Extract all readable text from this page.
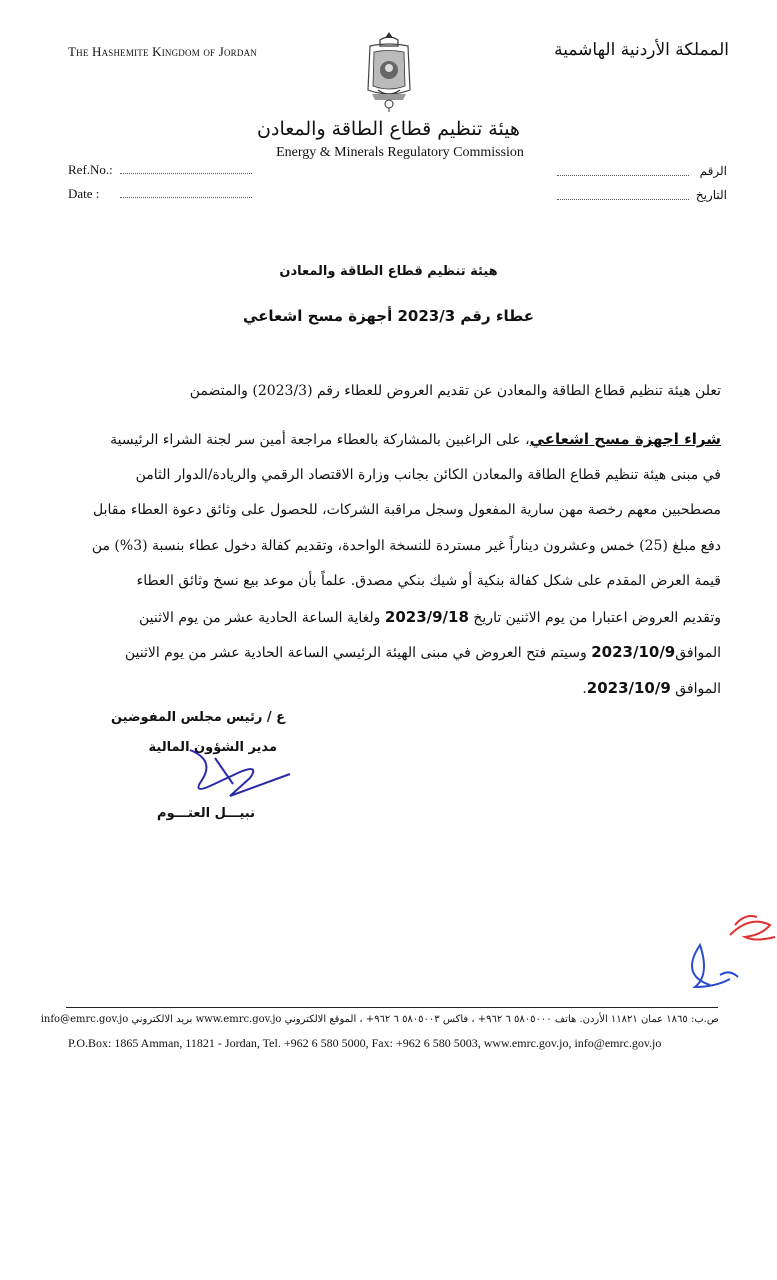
The Hashemite Kingdom of Jordan	المملكة الأردنية الهاشمية
هيئة تنظيم قطاع الطاقة والمعادن
Energy & Minerals Regulatory Commission
Ref.No.:
Date :
الرقم
التاريخ
هيئة تنظيم قطاع الطاقة والمعادن
عطاء رقم 2023/3 أجهزة مسح اشعاعي
تعلن هيئة تنظيم قطاع الطاقة والمعادن عن تقديم العروض للعطاء رقم (2023/3) والمتضمن
شراء اجهزة مسح اشعاعي، على الراغبين بالمشاركة بالعطاء مراجعة أمين سر لجنة الشراء الرئيسية
في مبنى هيئة تنظيم قطاع الطاقة والمعادن الكائن بجانب وزارة الاقتصاد الرقمي والريادة/الدوار الثامن
مصطحبين معهم رخصة مهن سارية المفعول وسجل مراقبة الشركات، للحصول على وثائق دعوة العطاء مقابل
دفع مبلغ (25) خمس وعشرون ديناراً غير مستردة للنسخة الواحدة، وتقديم كفالة دخول عطاء بنسبة (3%) من
قيمة العرض المقدم على شكل كفالة بنكية أو شيك بنكي مصدق. علماً بأن موعد بيع نسخ وثائق العطاء
وتقديم العروض اعتبارا من يوم الاثنين تاريخ 2023/9/18 ولغاية الساعة الحادية عشر من يوم الاثنين
الموافق2023/10/9 وسيتم فتح العروض في مبنى الهيئة الرئيسي الساعة الحادية عشر من يوم الاثنين
الموافق 2023/10/9.
ع / رئيس مجلس المفوضين
مدير الشؤون المالية
نبيـــل العتـــوم
ص.ب: ١٨٦٥ عمان ١١٨٢١ الأردن. هاتف ٥٨٠٥٠٠٠ ٦ ٩٦٢+ ، فاكس ٥٨٠٥٠٠٣ ٦ ٩٦٢+ ، الموقع الالكتروني www.emrc.gov.jo بريد الالكتروني info@emrc.gov.jo
P.O.Box: 1865 Amman, 11821 - Jordan, Tel. +962 6 580 5000, Fax: +962 6 580 5003, www.emrc.gov.jo, info@emrc.gov.jo
